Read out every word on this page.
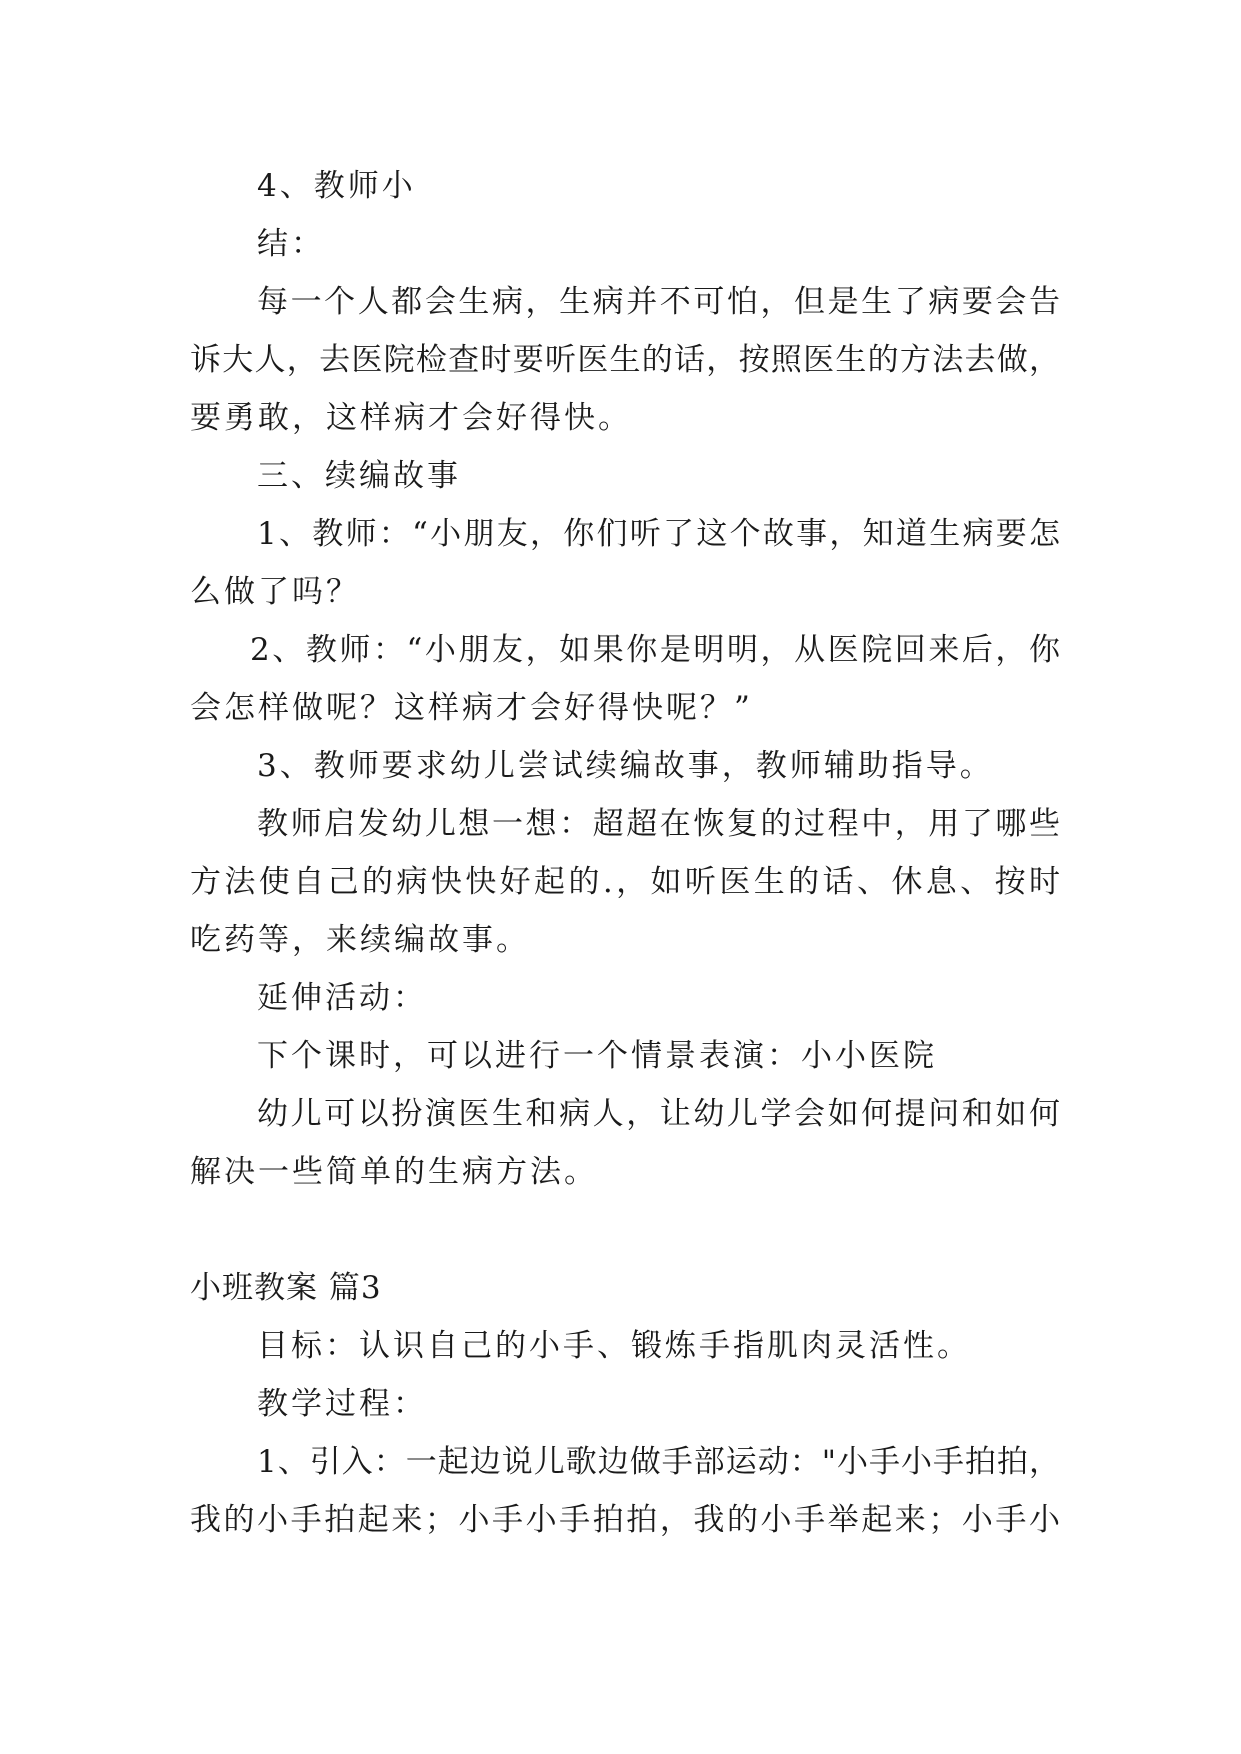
4、教师小
结：
每一个人都会生病，生病并不可怕，但是生了病要会告
诉大人，去医院检查时要听医生的话，按照医生的方法去做，
要勇敢，这样病才会好得快。
三、续编故事
1、教师：“小朋友，你们听了这个故事，知道生病要怎
么做了吗？
2、教师：“小朋友，如果你是明明，从医院回来后，你
会怎样做呢？这样病才会好得快呢？”
3、教师要求幼儿尝试续编故事，教师辅助指导。
教师启发幼儿想一想：超超在恢复的过程中，用了哪些
方法使自己的病快快好起的.，如听医生的话、休息、按时
吃药等，来续编故事。
延伸活动：
下个课时，可以进行一个情景表演：小小医院
幼儿可以扮演医生和病人，让幼儿学会如何提问和如何
解决一些简单的生病方法。
小班教案 篇3
目标：认识自己的小手、锻炼手指肌肉灵活性。
教学过程：
1、引入：一起边说儿歌边做手部运动："小手小手拍拍，
我的小手拍起来；小手小手拍拍，我的小手举起来；小手小
